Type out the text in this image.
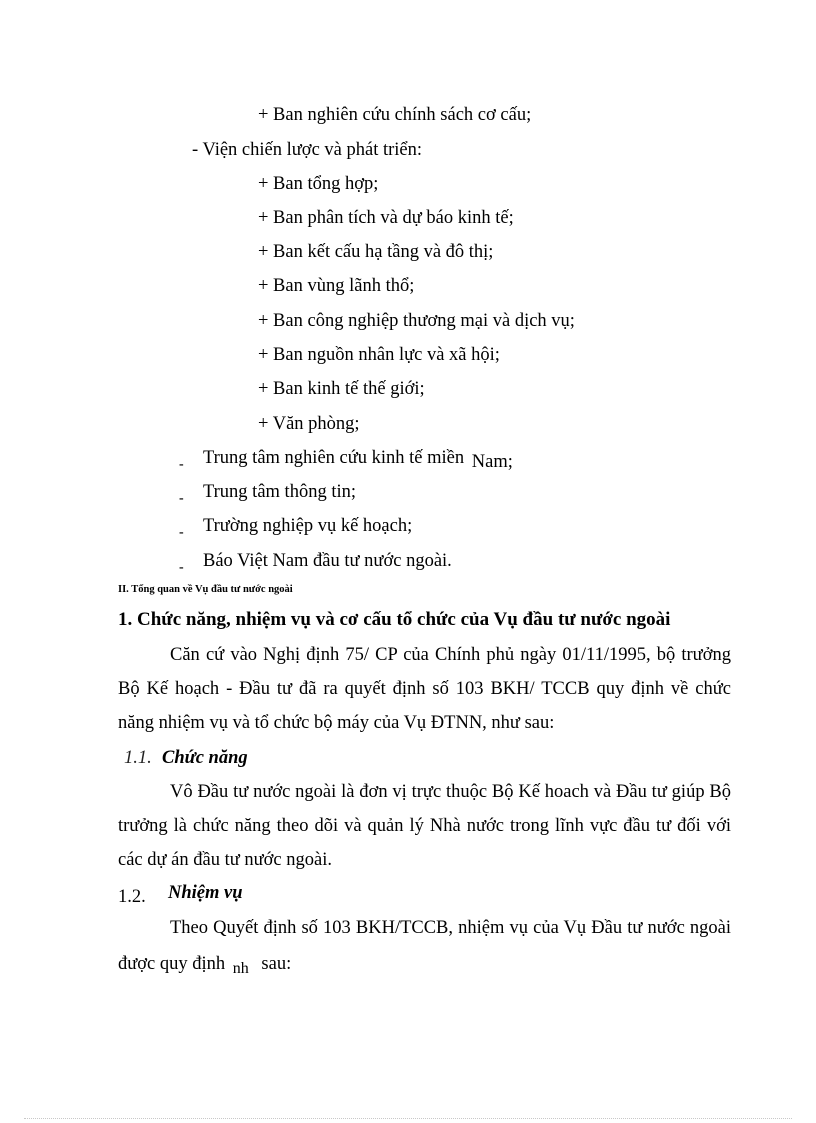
+ Ban nghiên cứu chính sách cơ cấu;
- Viện chiến lược và phát triển:
+ Ban tổng hợp;
+ Ban phân tích và dự báo kinh tế;
+ Ban kết cấu hạ tầng và đô thị;
+ Ban vùng lãnh thổ;
+ Ban công nghiệp thương mại và dịch vụ;
+ Ban nguồn nhân lực và xã hội;
+ Ban kinh tế thế giới;
+ Văn phòng;
- Trung tâm nghiên cứu kinh tế miền Nam;
- Trung tâm thông tin;
- Trường nghiệp vụ kế hoạch;
- Báo Việt Nam đầu tư nước ngoài.
II. Tổng quan về Vụ đầu tư nước ngoài
1. Chức năng, nhiệm vụ và cơ cấu tổ chức của Vụ đầu tư nước ngoài
Căn cứ vào Nghị định 75/ CP của Chính phủ ngày 01/11/1995, bộ trưởng
Bộ Kế hoạch - Đầu tư đã ra quyết định số 103 BKH/ TCCB quy định về chức
năng nhiệm vụ và tổ chức bộ máy của Vụ ĐTNN, như sau:
1.1. Chức năng
Vô Đầu tư nước ngoài là đơn vị trực thuộc Bộ Kế hoach và Đầu tư giúp Bộ
trưởng là chức năng theo dõi và quản lý Nhà nước trong lĩnh vực đầu tư đối với
các dự án đầu tư nước ngoài.
1.2. Nhiệm vụ
Theo Quyết định số 103 BKH/TCCB, nhiệm vụ của Vụ Đầu tư nước ngoài
được quy định nh sau:
